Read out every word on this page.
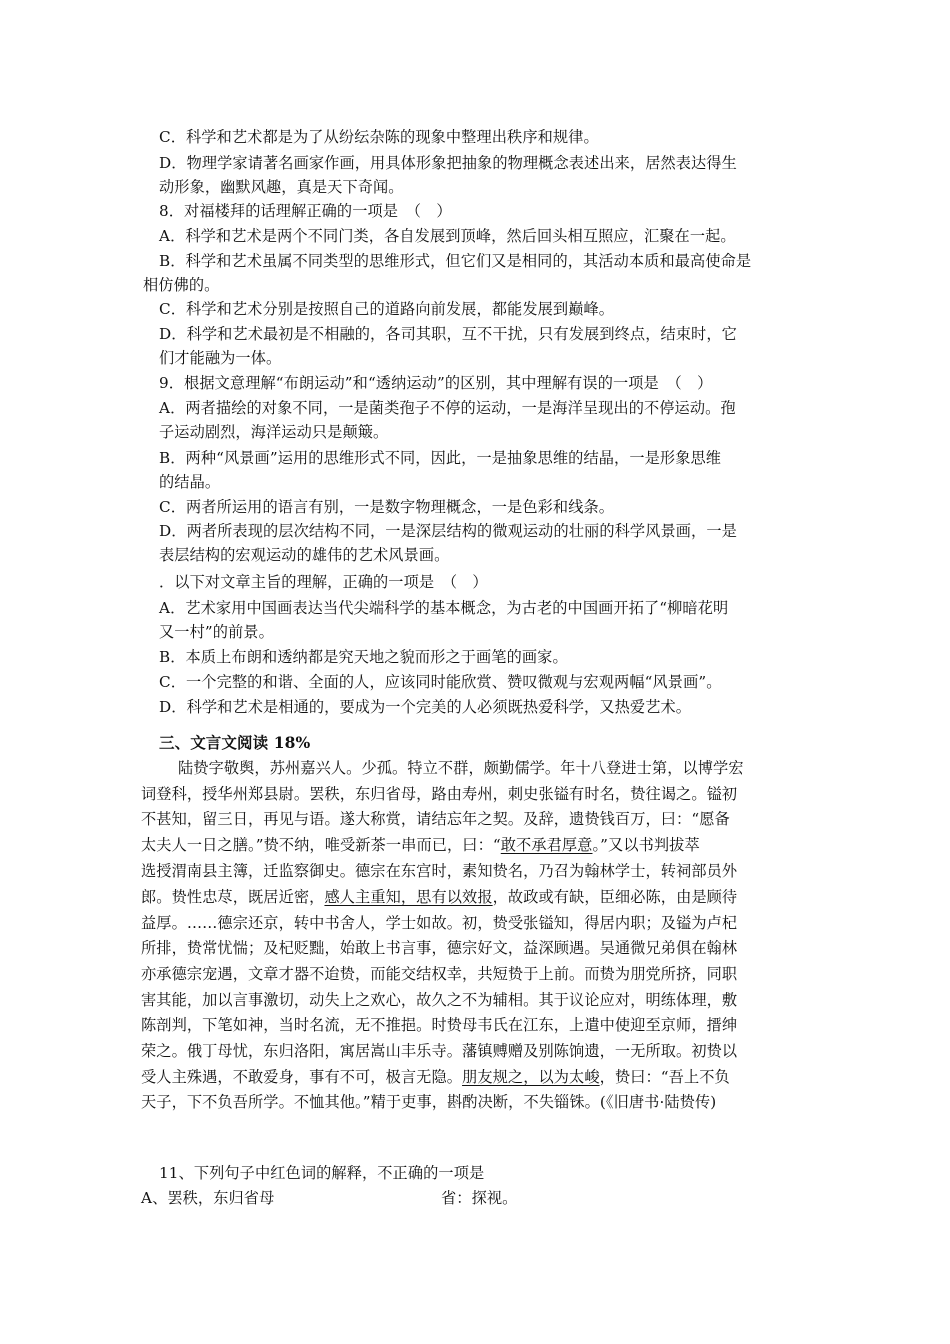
C．科学和艺术都是为了从纷纭杂陈的现象中整理出秩序和规律。
D．物理学家请著名画家作画，用具体形象把抽象的物理概念表述出来，居然表达得生
动形象，幽默风趣，真是天下奇闻。
8．对福楼拜的话理解正确的一项是　（　）
A．科学和艺术是两个不同门类，各自发展到顶峰，然后回头相互照应，汇聚在一起。
B．科学和艺术虽属不同类型的思维形式，但它们又是相同的，其活动本质和最高使命是
相仿佛的。
C．科学和艺术分别是按照自己的道路向前发展，都能发展到巅峰。
D．科学和艺术最初是不相融的，各司其职，互不干扰，只有发展到终点，结束时，它
们才能融为一体。
9．根据文意理解“布朗运动”和“透纳运动”的区别，其中理解有误的一项是　（　）
A．两者描绘的对象不同，一是菌类孢子不停的运动，一是海洋呈现出的不停运动。孢
子运动剧烈，海洋运动只是颠簸。
B．两种“风景画”运用的思维形式不同，因此，一是抽象思维的结晶，一是形象思维
的结晶。
C．两者所运用的语言有别，一是数字物理概念，一是色彩和线条。
D．两者所表现的层次结构不同，一是深层结构的微观运动的壮丽的科学风景画，一是
表层结构的宏观运动的雄伟的艺术风景画。
．以下对文章主旨的理解，正确的一项是　（　）
A．艺术家用中国画表达当代尖端科学的基本概念，为古老的中国画开拓了“柳暗花明
又一村”的前景。
B．本质上布朗和透纳都是究天地之貌而形之于画笔的画家。
C．一个完整的和谐、全面的人，应该同时能欣赏、赞叹微观与宏观两幅“风景画”。
D．科学和艺术是相通的，要成为一个完美的人必须既热爱科学，又热爱艺术。
三、文言文阅读 18%
陆贽字敬舆，苏州嘉兴人。少孤。特立不群，颇勤儒学。年十八登进士第，以博学宏
词登科，授华州郑县尉。罢秩，东归省母，路由寿州，刺史张镒有时名，贽往谒之。镒初
不甚知，留三日，再见与语。遂大称赏，请结忘年之契。及辞，遗贽钱百万，曰：“愿备
太夫人一日之膳。”贽不纳，唯受新茶一串而已，曰：“敢不承君厚意。”又以书判拔萃
选授渭南县主簿，迁监察御史。德宗在东宫时，素知贽名，乃召为翰林学士，转祠部员外
郎。贽性忠荩，既居近密，感人主重知，思有以效报，故政或有缺，臣细必陈，由是顾待
益厚。……德宗还京，转中书舍人，学士如故。初，贽受张镒知，得居内职；及镒为卢杞
所排，贽常忧惴；及杞贬黜，始敢上书言事，德宗好文，益深顾遇。吴通微兄弟俱在翰林
亦承德宗宠遇，文章才器不迨贽，而能交结权幸，共短贽于上前。而贽为朋党所挤，同职
害其能，加以言事激切，动失上之欢心，故久之不为辅相。其于议论应对，明练体理，敷
陈剖判，下笔如神，当时名流，无不推挹。时贽母韦氏在江东，上遣中使迎至京师，搢绅
荣之。俄丁母忧，东归洛阳，寓居嵩山丰乐寺。藩镇赙赠及别陈饷遗，一无所取。初贽以
受人主殊遇，不敢爱身，事有不可，极言无隐。朋友规之，以为太峻，贽曰：“吾上不负
天子，下不负吾所学。不恤其他。”精于吏事，斟酌决断，不失锱铢。(《旧唐书·陆贽传)
11、下列句子中红色词的解释，不正确的一项是
A、罢秩，东归省母	省：探视。
